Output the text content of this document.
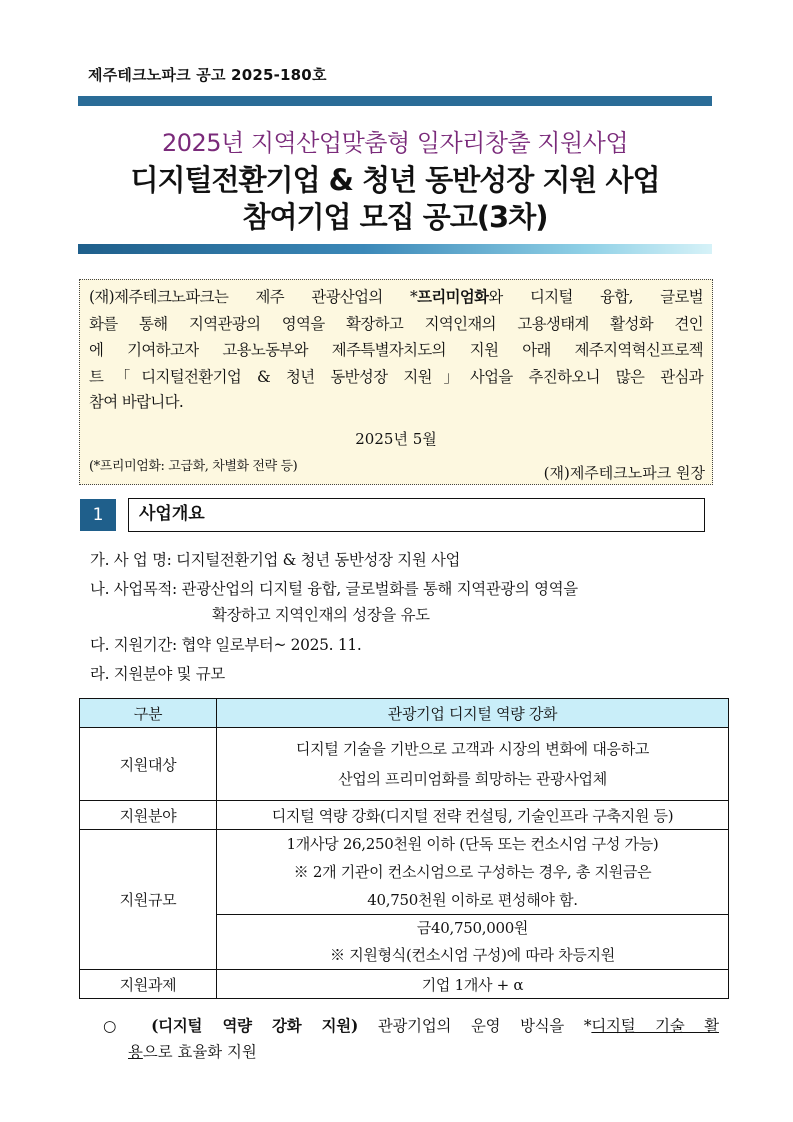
제주테크노파크 공고 2025-180호
2025년 지역산업맞춤형 일자리창출 지원사업
디지털전환기업 & 청년 동반성장 지원 사업
참여기업 모집 공고(3차)
(재)제주테크노파크는 제주 관광산업의 *프리미엄화와 디지털 융합, 글로벌
화를 통해 지역관광의 영역을 확장하고 지역인재의 고용생태계 활성화 견인
에 기여하고자 고용노동부와 제주특별자치도의 지원 아래 제주지역혁신프로젝
트「디지털전환기업 & 청년 동반성장 지원」사업을 추진하오니 많은 관심과
참여 바랍니다.
2025년 5월
(*프리미엄화: 고급화, 차별화 전략 등)	(재)제주테크노파크 원장
1	사업개요
가. 사 업 명: 디지털전환기업 & 청년 동반성장 지원 사업
나. 사업목적: 관광산업의 디지털 융합, 글로벌화를 통해 지역관광의 영역을
확장하고 지역인재의 성장을 유도
다. 지원기간: 협약 일로부터~ 2025. 11.
라. 지원분야 및 규모
구분	관광기업 디지털 역량 강화
지원대상	디지털 기술을 기반으로 고객과 시장의 변화에 대응하고
산업의 프리미엄화를 희망하는 관광사업체

지원분야	디지털 역량 강화(디지털 전략 컨설팅, 기술인프라 구축지원 등)
지원규모	1개사당 26,250천원 이하 (단독 또는 컨소시엄 구성 가능)
※ 2개 기관이 컨소시엄으로 구성하는 경우, 총 지원금은
40,750천원 이하로 편성해야 함.

	금40,750,000원
※ 지원형식(컨소시엄 구성)에 따라 차등지원

지원과제	기업 1개사 + α
○ (디지털 역량 강화 지원) 관광기업의 운영 방식을 *디지털 기술 활
용으로 효율화 지원
